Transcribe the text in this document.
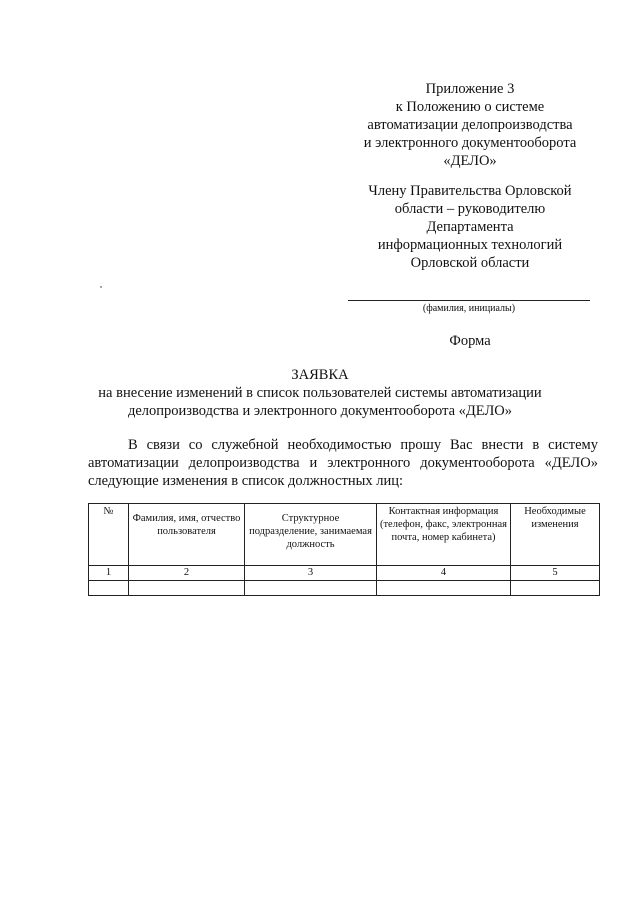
Приложение 3
к Положению о системе
автоматизации делопроизводства
и электронного документооборота
«ДЕЛО»
Члену Правительства Орловской
области – руководителю
Департамента
информационных технологий
Орловской области
(фамилия, инициалы)
Форма
ЗАЯВКА
на внесение изменений в список пользователей системы автоматизации
делопроизводства и электронного документооборота «ДЕЛО»
В связи со служебной необходимостью прошу Вас внести в систему автоматизации делопроизводства и электронного документооборота «ДЕЛО» следующие изменения в список должностных лиц:
№	Фамилия, имя, отчество пользователя	Структурное подразделение, занимаемая должность	Контактная информация (телефон, факс, электронная почта, номер кабинета)	Необходимые изменения
1	2	3	4	5
